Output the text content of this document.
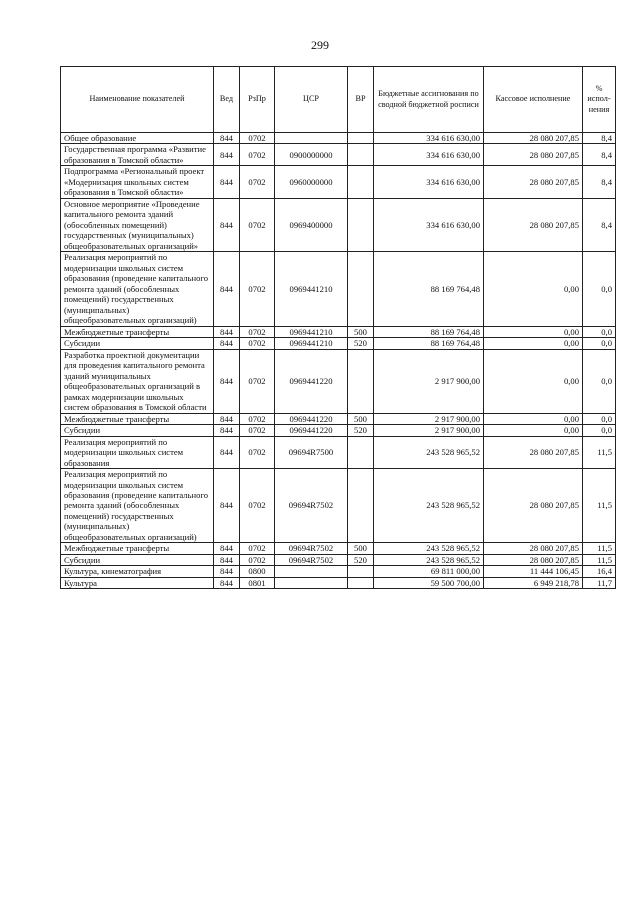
299
Наименование показателей	Вед	РзПр	ЦСР	ВР	Бюджетные ассигнования по сводной бюджетной росписи	Кассовое исполнение	% испол-нения
Общее образование	844	0702			334 616 630,00	28 080 207,85	8,4
Государственная программа «Развитие образования в Томской области»	844	0702	0900000000		334 616 630,00	28 080 207,85	8,4
Подпрограмма «Региональный проект «Модернизация школьных систем образования в Томской области»	844	0702	0960000000		334 616 630,00	28 080 207,85	8,4
Основное мероприятие «Проведение капитального ремонта зданий (обособленных помещений) государственных (муниципальных) общеобразовательных организаций»	844	0702	0969400000		334 616 630,00	28 080 207,85	8,4
Реализация мероприятий по модернизации школьных систем образования (проведение капитального ремонта зданий (обособленных помещений) государственных (муниципальных) общеобразовательных организаций)	844	0702	0969441210		88 169 764,48	0,00	0,0
Межбюджетные трансферты	844	0702	0969441210	500	88 169 764,48	0,00	0,0
Субсидии	844	0702	0969441210	520	88 169 764,48	0,00	0,0
Разработка проектной документации для проведения капитального ремонта зданий муниципальных общеобразовательных организаций в рамках модернизации школьных систем образования в Томской области	844	0702	0969441220		2 917 900,00	0,00	0,0
Межбюджетные трансферты	844	0702	0969441220	500	2 917 900,00	0,00	0,0
Субсидии	844	0702	0969441220	520	2 917 900,00	0,00	0,0
Реализация мероприятий по модернизации школьных систем образования	844	0702	09694R7500		243 528 965,52	28 080 207,85	11,5
Реализация мероприятий по модернизации школьных систем образования (проведение капитального ремонта зданий (обособленных помещений) государственных (муниципальных) общеобразовательных организаций)	844	0702	09694R7502		243 528 965,52	28 080 207,85	11,5
Межбюджетные трансферты	844	0702	09694R7502	500	243 528 965,52	28 080 207,85	11,5
Субсидии	844	0702	09694R7502	520	243 528 965,52	28 080 207,85	11,5
Культура, кинематография	844	0800			69 811 000,00	11 444 106,45	16,4
Культура	844	0801			59 500 700,00	6 949 218,78	11,7
